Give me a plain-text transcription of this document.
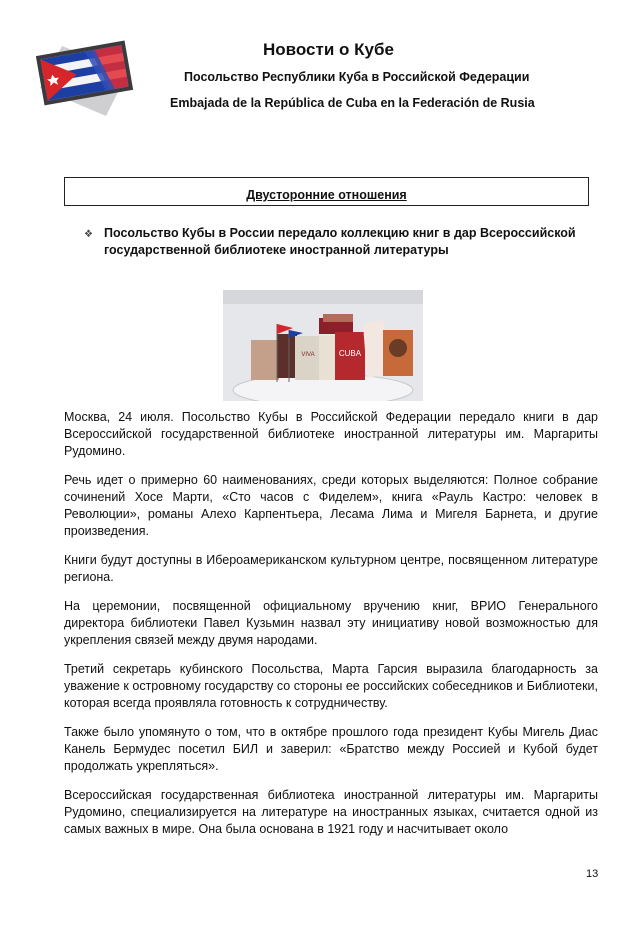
Новости о Кубе
Посольство Республики Куба в Российской Федерации
Embajada de la República de Cuba en la Federación de Rusia
Двусторонние отношения
❖ Посольство Кубы в России передало коллекцию книг в дар Всероссийской государственной библиотеке иностранной литературы
CUBA
VIVA

Москва, 24 июля. Посольство Кубы в Российской Федерации передало книги в дар Всероссийской государственной библиотеке иностранной литературы им. Маргариты Рудомино.

Речь идет о примерно 60 наименованиях, среди которых выделяются: Полное собрание сочинений Хосе Марти, «Сто часов с Фиделем», книга «Рауль Кастро: человек в Революции», романы Алехо Карпентьера, Лесама Лима и Мигеля Барнета, и другие произведения.

Книги будут доступны в Ибероамериканском культурном центре, посвященном литературе региона.

На церемонии, посвященной официальному вручению книг, ВРИО Генерального директора библиотеки Павел Кузьмин назвал эту инициативу новой возможностью для укрепления связей между двумя народами.

Третий секретарь кубинского Посольства, Марта Гарсия выразила благодарность за уважение к островному государству со стороны ее российских собеседников и Библиотеки, которая всегда проявляла готовность к сотрудничеству.

Также было упомянуто о том, что в октябре прошлого года президент Кубы Мигель Диас Канель Бермудес посетил БИЛ и заверил: «Братство между Россией и Кубой будет продолжать укрепляться».

Всероссийская государственная библиотека иностранной литературы им. Маргариты Рудомино, специализируется на литературе на иностранных языках, считается одной из самых важных в мире. Она была основана в 1921 году и насчитывает около

13
